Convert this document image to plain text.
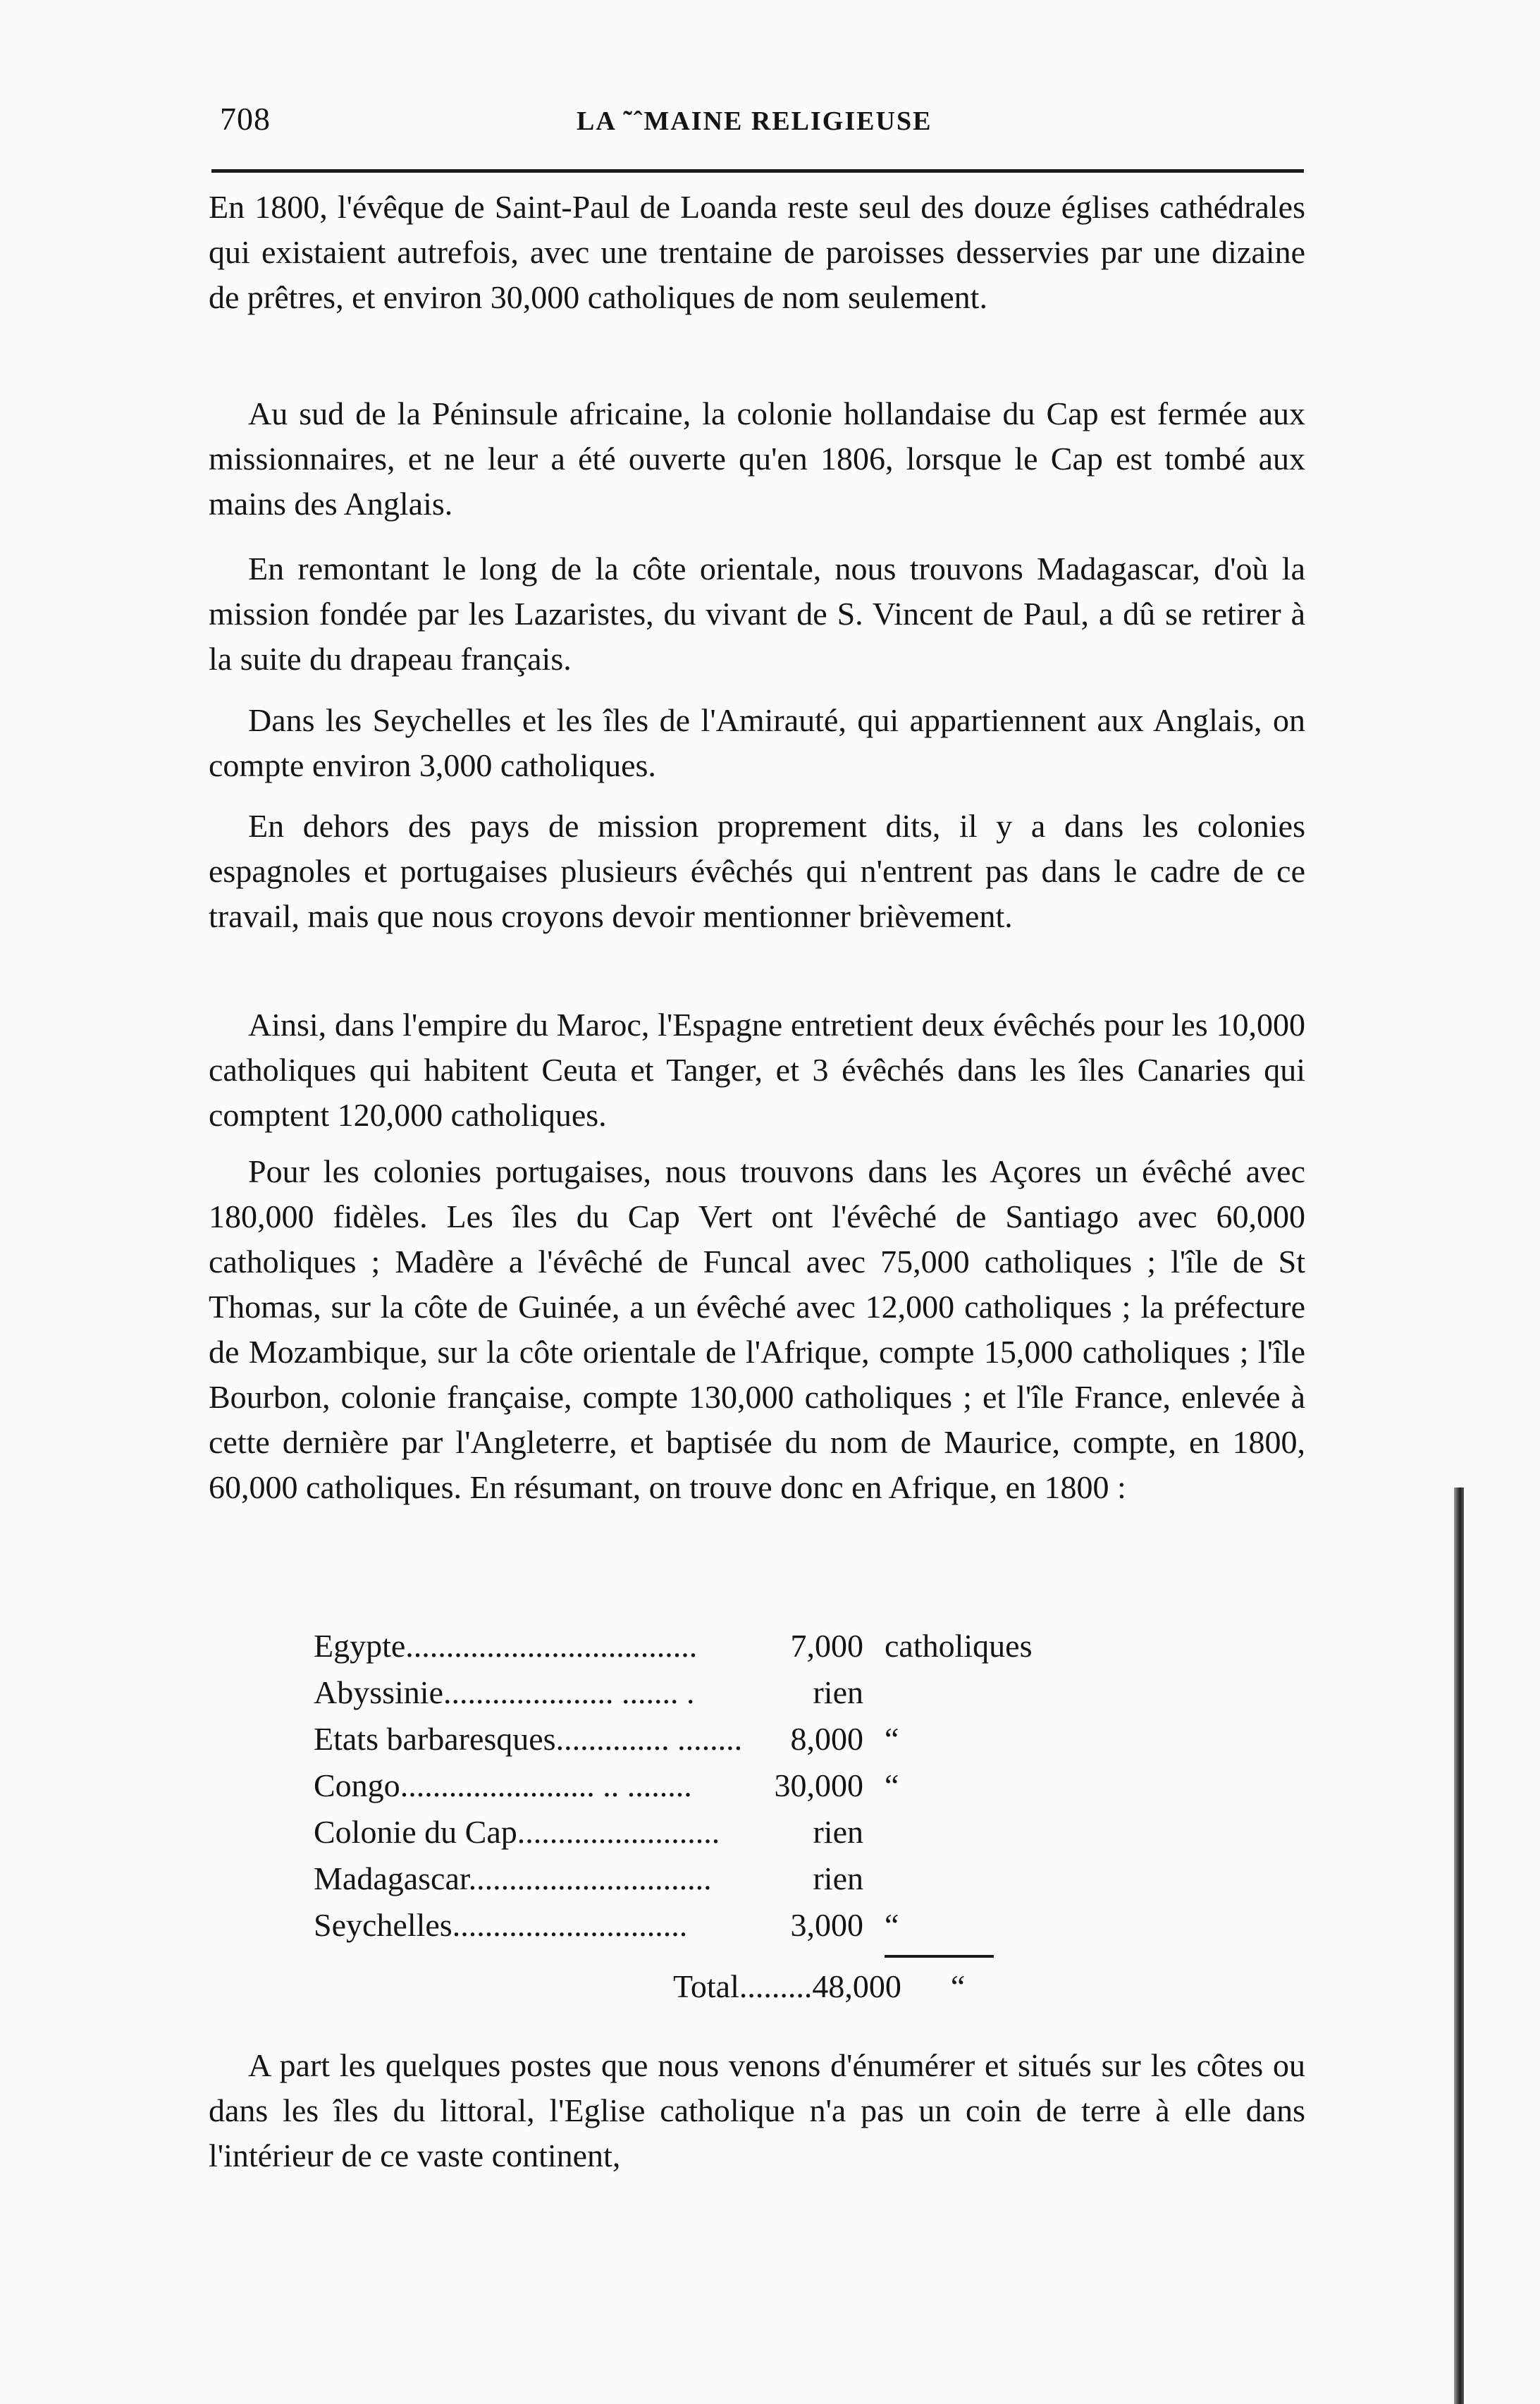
708	LA ˜ˆMAINE RELIGIEUSE

En 1800, l'évêque de Saint-Paul de Loanda reste seul des douze églises cathédrales qui existaient autrefois, avec une trentaine de paroisses desservies par une dizaine de prêtres, et environ 30,000 catholiques de nom seulement.

Au sud de la Péninsule africaine, la colonie hollandaise du Cap est fermée aux missionnaires, et ne leur a été ouverte qu'en 1806, lorsque le Cap est tombé aux mains des Anglais.

En remontant le long de la côte orientale, nous trouvons Madagascar, d'où la mission fondée par les Lazaristes, du vivant de S. Vincent de Paul, a dû se retirer à la suite du drapeau français.

Dans les Seychelles et les îles de l'Amirauté, qui appartiennent aux Anglais, on compte environ 3,000 catholiques.

En dehors des pays de mission proprement dits, il y a dans les colonies espagnoles et portugaises plusieurs évêchés qui n'entrent pas dans le cadre de ce travail, mais que nous croyons devoir mentionner brièvement.

Ainsi, dans l'empire du Maroc, l'Espagne entretient deux évêchés pour les 10,000 catholiques qui habitent Ceuta et Tanger, et 3 évêchés dans les îles Canaries qui comptent 120,000 catholiques.

Pour les colonies portugaises, nous trouvons dans les Açores un évêché avec 180,000 fidèles. Les îles du Cap Vert ont l'évêché de Santiago avec 60,000 catholiques ; Madère a l'évêché de Funcal avec 75,000 catholiques ; l'île de St Thomas, sur la côte de Guinée, a un évêché avec 12,000 catholiques ; la préfecture de Mozambique, sur la côte orientale de l'Afrique, compte 15,000 catholiques ; l'île Bourbon, colonie française, compte 130,000 catholiques ; et l'île France, enlevée à cette dernière par l'Angleterre, et baptisée du nom de Maurice, compte, en 1800, 60,000 catholiques. En résumant, on trouve donc en Afrique, en 1800 :

Egypte....................................	7,000	catholiques
Abyssinie..................... ....... .	rien	
Etats barbaresques.............. ........	8,000	“
Congo........................ .. ........	30,000	“
Colonie du Cap.........................	rien	
Madagascar..............................	rien	
Seychelles.............................	3,000	“
Total.........48,000 “

A part les quelques postes que nous venons d'énumérer et situés sur les côtes ou dans les îles du littoral, l'Eglise catholique n'a pas un coin de terre à elle dans l'intérieur de ce vaste continent,
